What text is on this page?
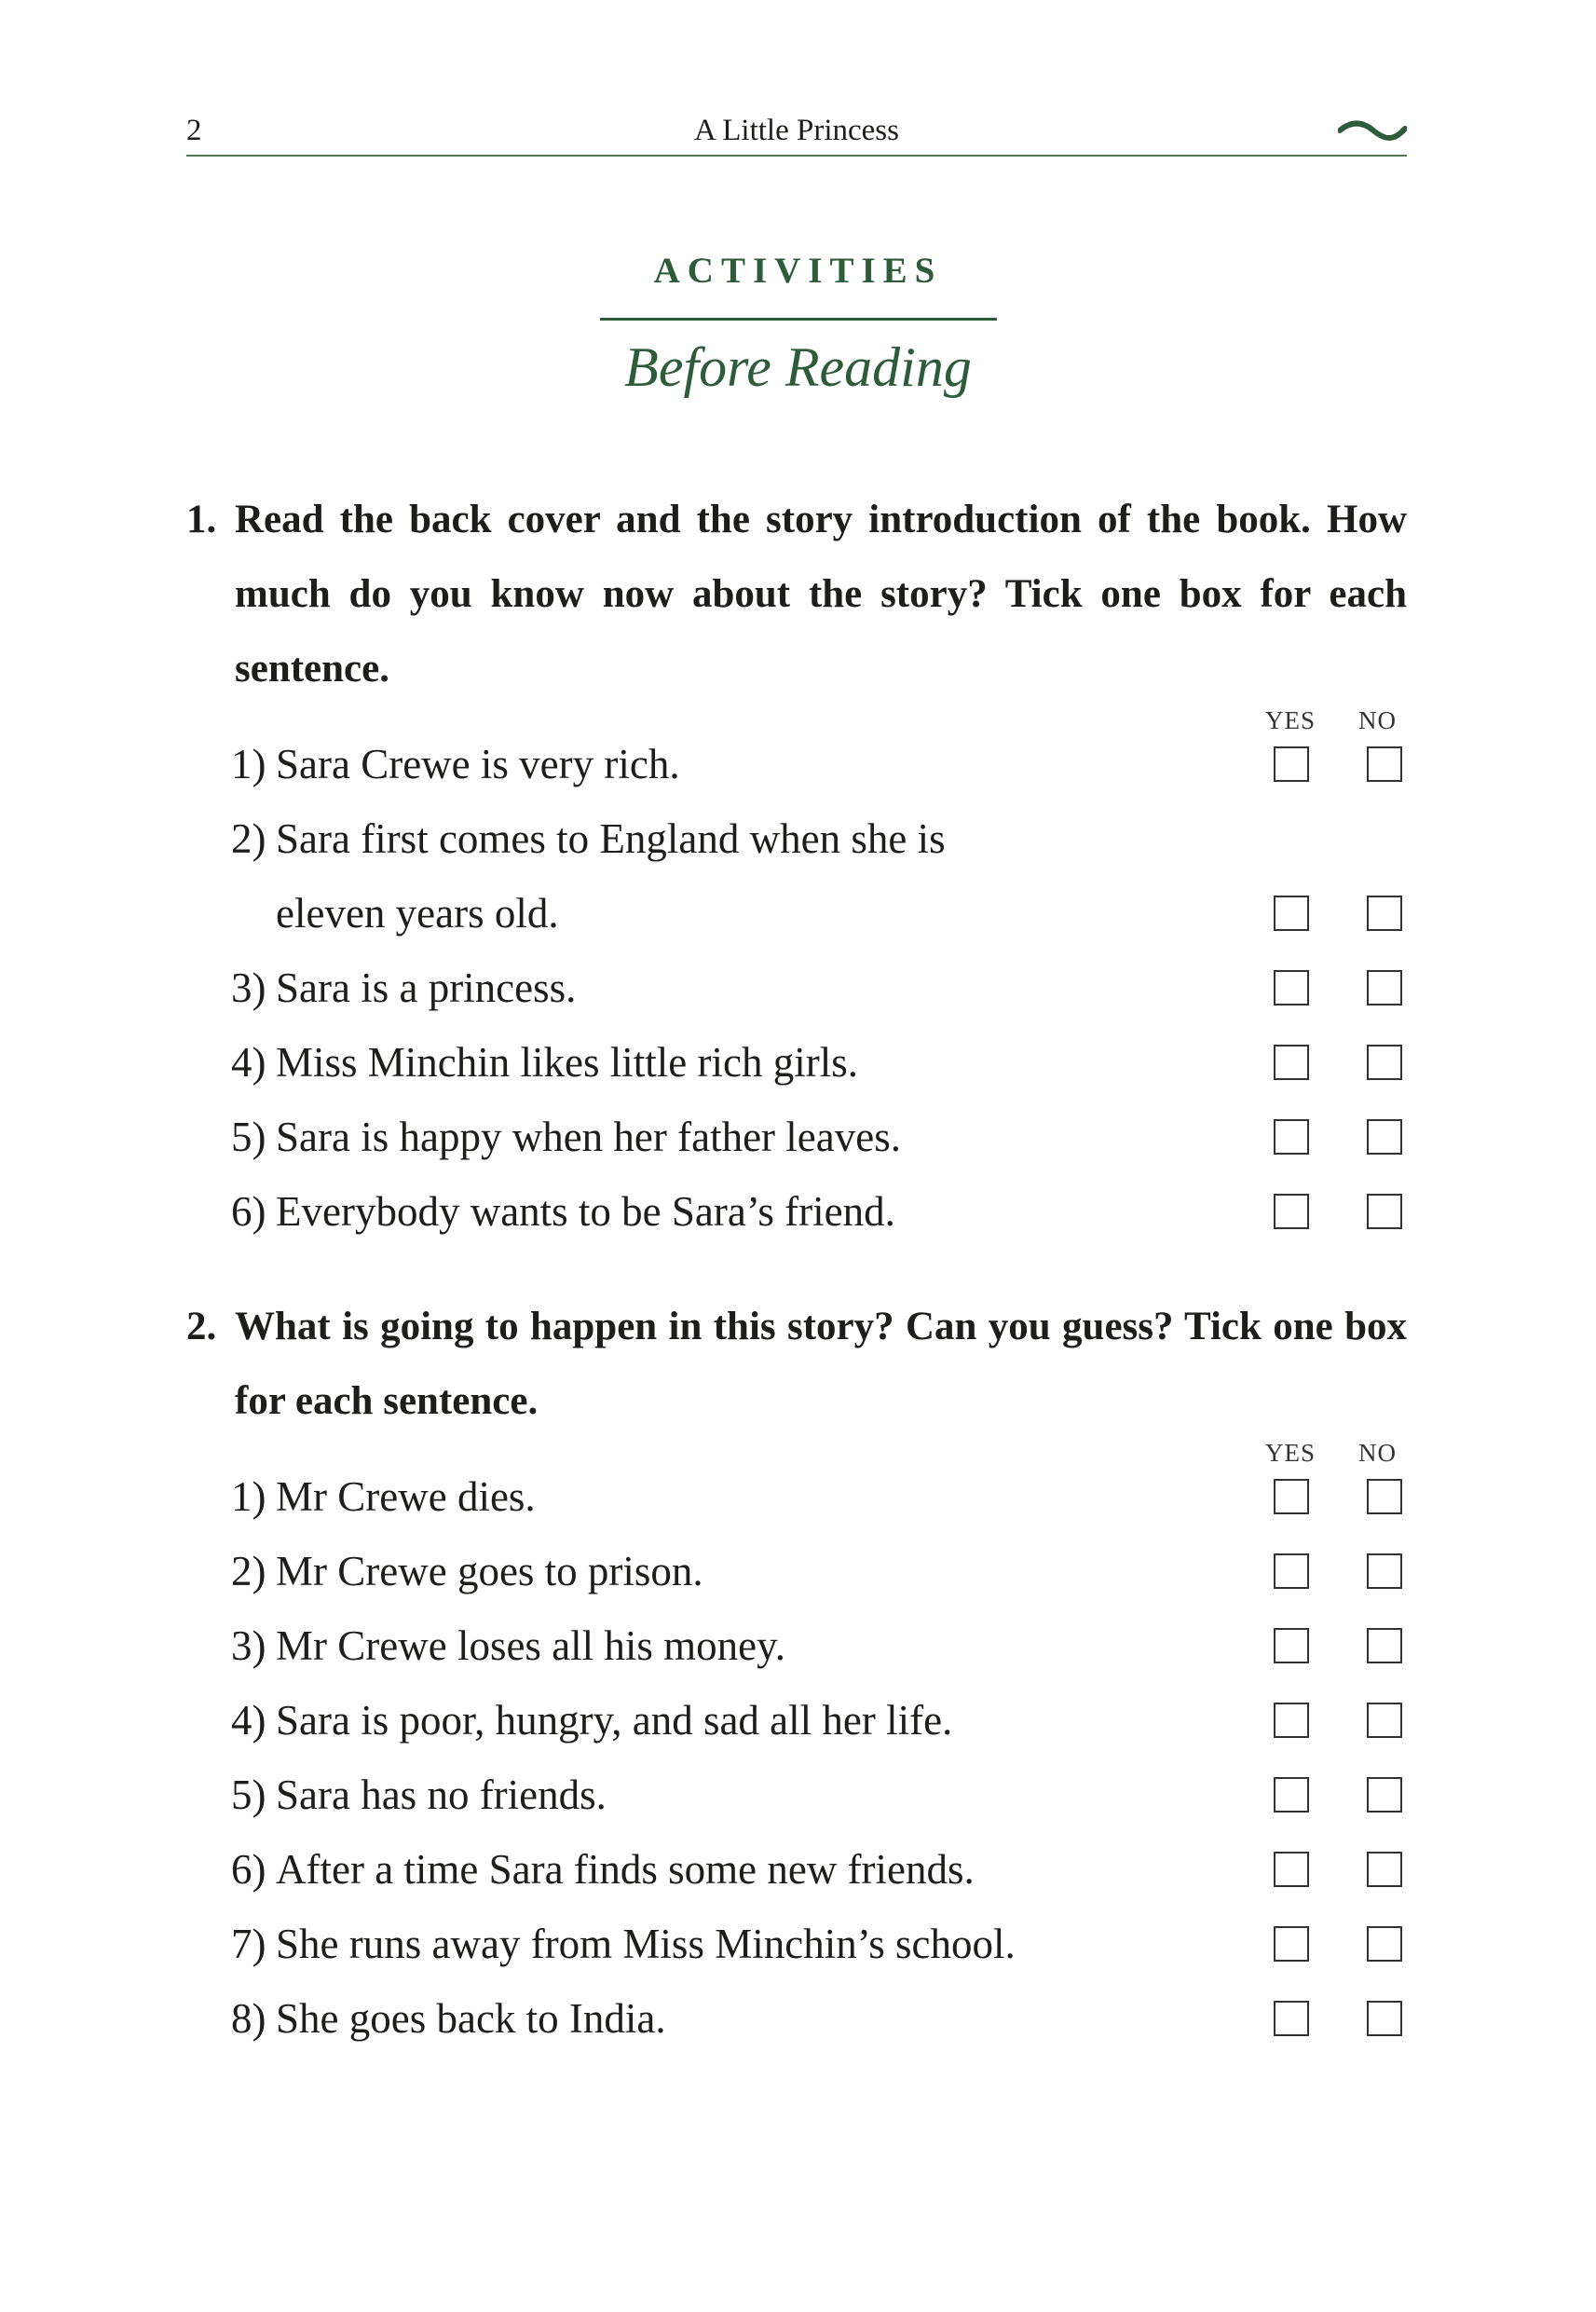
2	A Little Princess
ACTIVITIES
Before Reading
1. Read the back cover and the story introduction of the book. How much do you know now about the story? Tick one box for each sentence.
YES NO
1) Sara Crewe is very rich.
2) Sara first comes to England when she is
eleven years old.
3) Sara is a princess.
4) Miss Minchin likes little rich girls.
5) Sara is happy when her father leaves.
6) Everybody wants to be Sara’s friend.
2. What is going to happen in this story? Can you guess? Tick one box for each sentence.
YES NO
1) Mr Crewe dies.
2) Mr Crewe goes to prison.
3) Mr Crewe loses all his money.
4) Sara is poor, hungry, and sad all her life.
5) Sara has no friends.
6) After a time Sara finds some new friends.
7) She runs away from Miss Minchin’s school.
8) She goes back to India.
